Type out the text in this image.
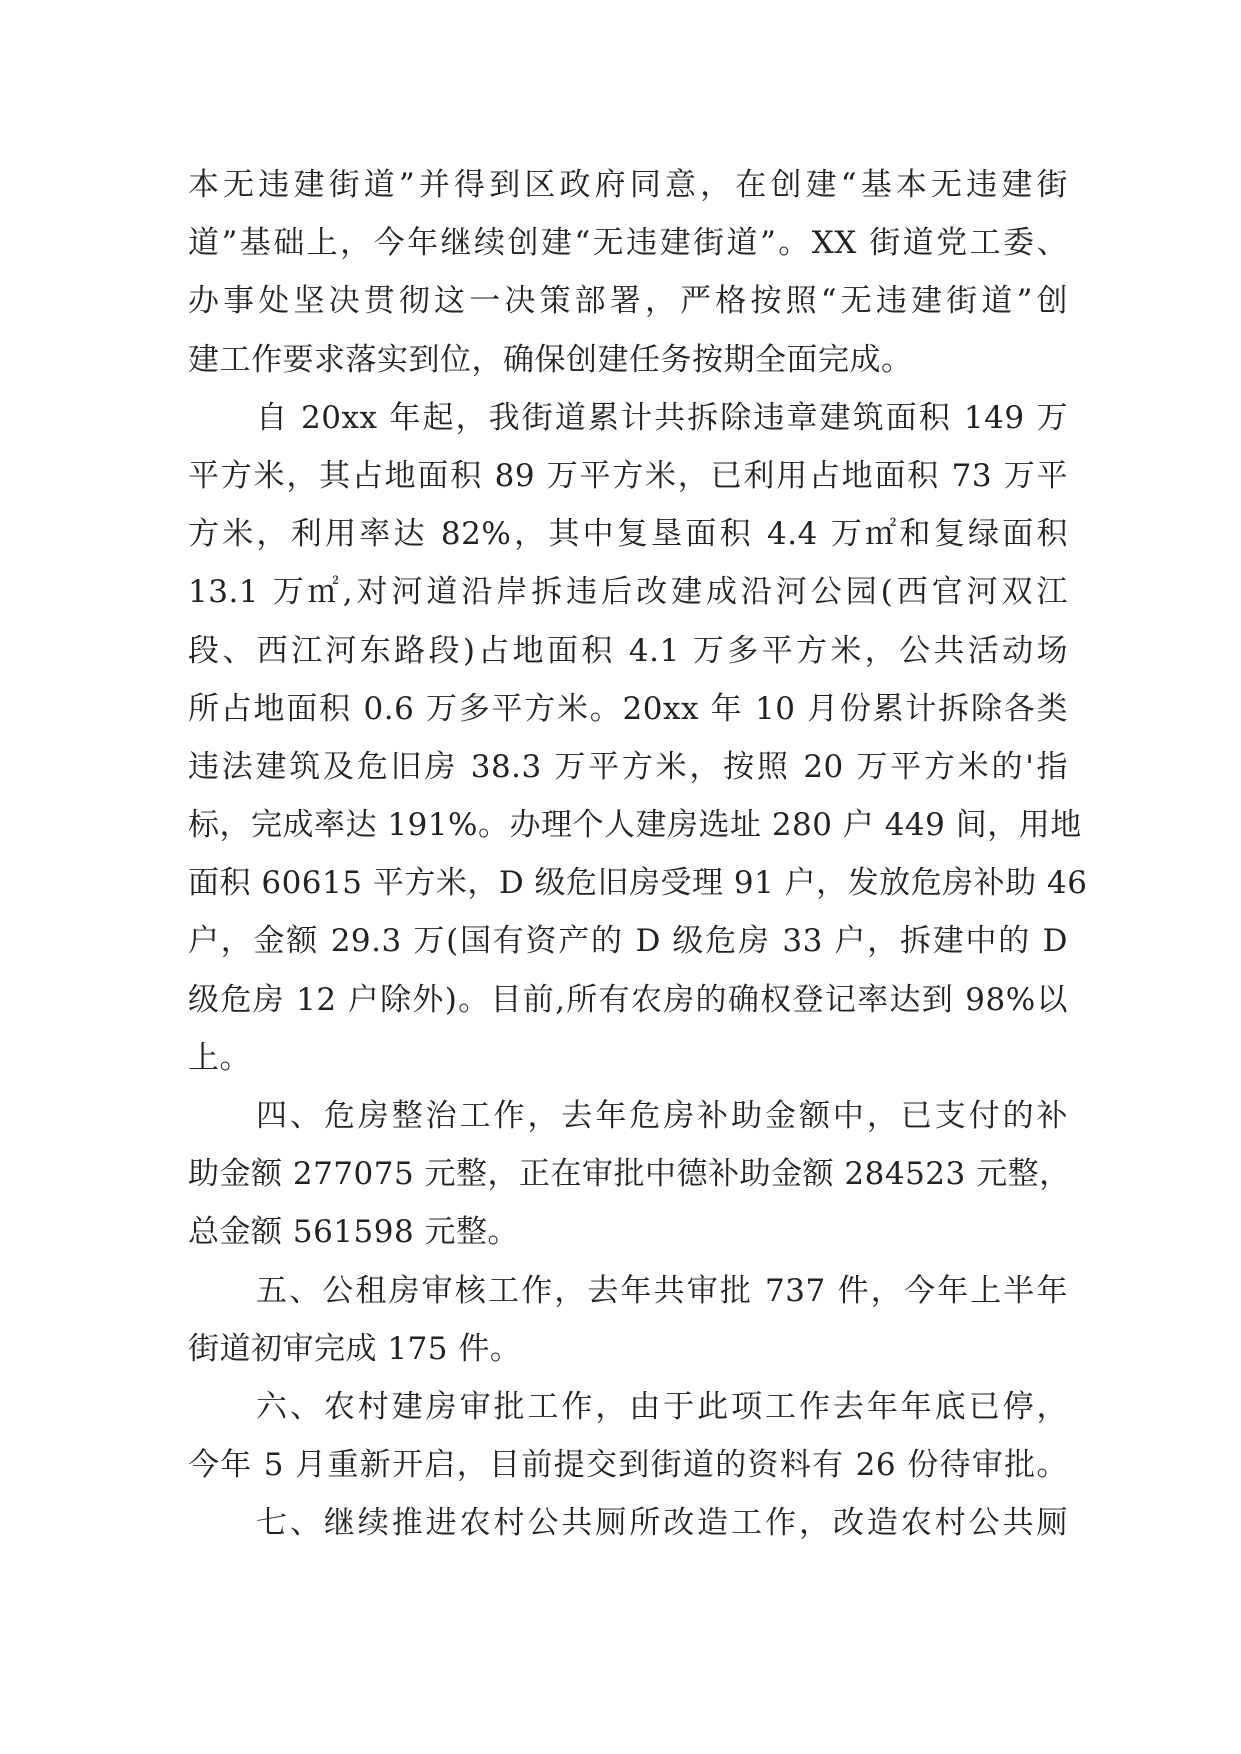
本无违建街道”并得到区政府同意，在创建“基本无违建街
道”基础上，今年继续创建“无违建街道”。XX 街道党工委、
办事处坚决贯彻这一决策部署，严格按照“无违建街道”创
建工作要求落实到位，确保创建任务按期全面完成。
自 20xx 年起，我街道累计共拆除违章建筑面积 149 万
平方米，其占地面积 89 万平方米，已利用占地面积 73 万平
方米，利用率达 82%，其中复垦面积 4.4 万㎡和复绿面积
13.1 万㎡,对河道沿岸拆违后改建成沿河公园(西官河双江
段、西江河东路段)占地面积 4.1 万多平方米，公共活动场
所占地面积 0.6 万多平方米。20xx 年 10 月份累计拆除各类
违法建筑及危旧房 38.3 万平方米，按照 20 万平方米的'指
标，完成率达 191%。办理个人建房选址 280 户 449 间，用地
面积 60615 平方米，D 级危旧房受理 91 户，发放危房补助 46
户，金额 29.3 万(国有资产的 D 级危房 33 户，拆建中的 D
级危房 12 户除外)。目前,所有农房的确权登记率达到 98%以
上。
四、危房整治工作，去年危房补助金额中，已支付的补
助金额 277075 元整，正在审批中德补助金额 284523 元整，
总金额 561598 元整。
五、公租房审核工作，去年共审批 737 件，今年上半年
街道初审完成 175 件。
六、农村建房审批工作，由于此项工作去年年底已停，
今年 5 月重新开启，目前提交到街道的资料有 26 份待审批。
七、继续推进农村公共厕所改造工作，改造农村公共厕
